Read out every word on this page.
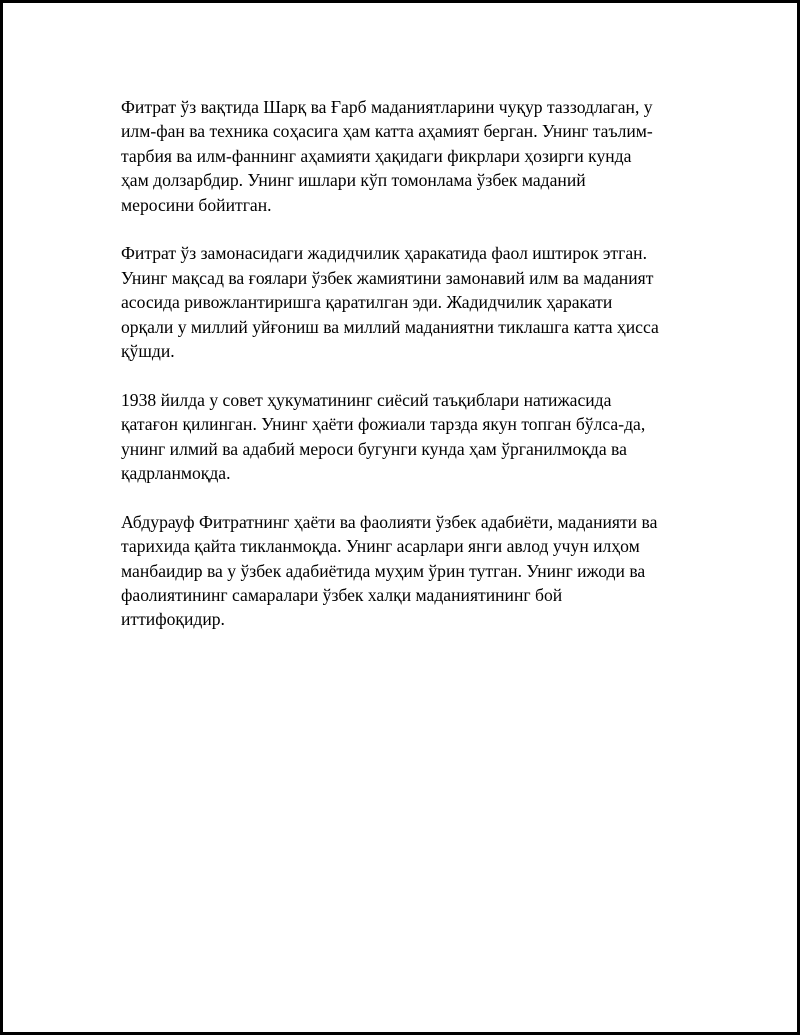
Фитрат ўз вақтида Шарқ ва Ғарб маданиятларини чуқур таззодлаган, у
илм-фан ва техника соҳасига ҳам катта аҳамият берган. Унинг таълим-
тарбия ва илм-фаннинг аҳамияти ҳақидаги фикрлари ҳозирги кунда
ҳам долзарбдир. Унинг ишлари кўп томонлама ўзбек маданий
меросини бойитган.

Фитрат ўз замонасидаги жадидчилик ҳаракатида фаол иштирок этган.
Унинг мақсад ва ғоялари ўзбек жамиятини замонавий илм ва маданият
асосида ривожлантиришга қаратилган эди. Жадидчилик ҳаракати
орқали у миллий уйғониш ва миллий маданиятни тиклашга катта ҳисса
қўшди.

1938 йилда у совет ҳукуматининг сиёсий таъқиблари натижасида
қатағон қилинган. Унинг ҳаёти фожиали тарзда якун топган бўлса-да,
унинг илмий ва адабий мероси бугунги кунда ҳам ўрганилмоқда ва
қадрланмоқда.

Абдурауф Фитратнинг ҳаёти ва фаолияти ўзбек адабиёти, маданияти ва
тарихида қайта тикланмоқда. Унинг асарлари янги авлод учун илҳом
манбаидир ва у ўзбек адабиётида муҳим ўрин тутган. Унинг ижоди ва
фаолиятининг самаралари ўзбек халқи маданиятининг бой
иттифоқидир.
